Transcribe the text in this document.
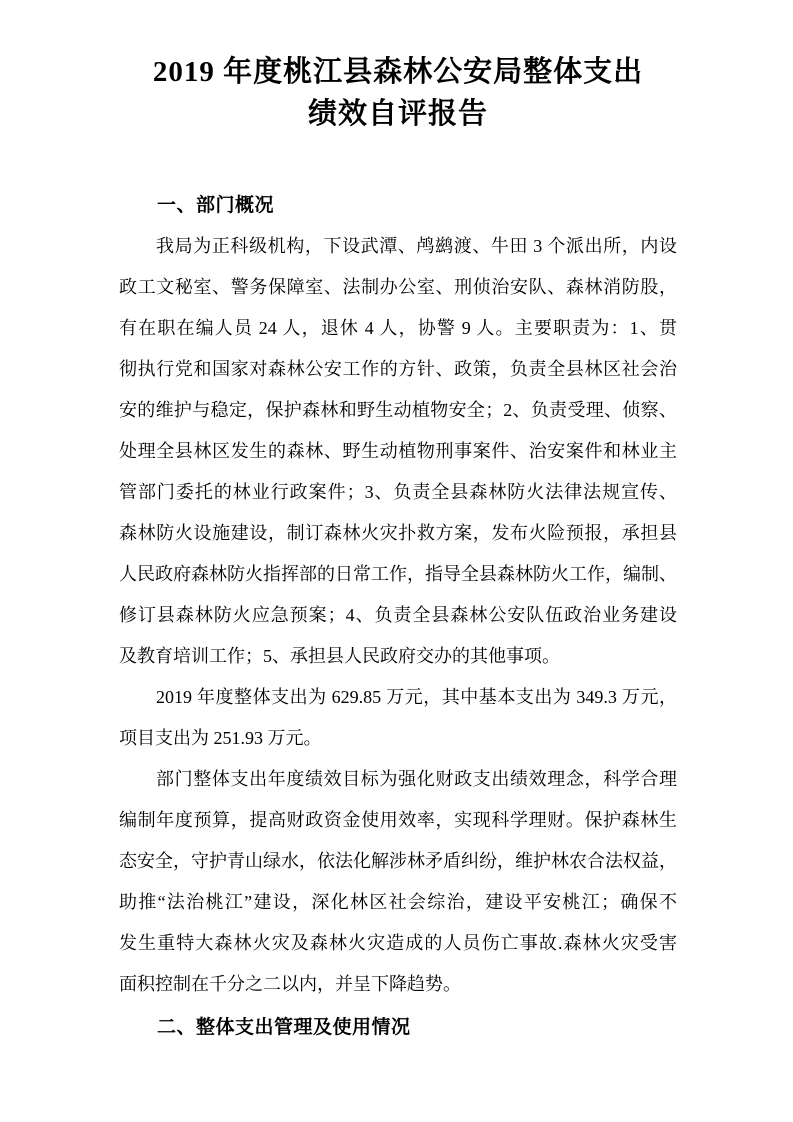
2019 年度桃江县森林公安局整体支出
绩效自评报告
一、部门概况
我局为正科级机构，下设武潭、鸬鹚渡、牛田 3 个派出所，内设
政工文秘室、警务保障室、法制办公室、刑侦治安队、森林消防股，
有在职在编人员 24 人，退休 4 人，协警 9 人。主要职责为：1、贯
彻执行党和国家对森林公安工作的方针、政策，负责全县林区社会治
安的维护与稳定，保护森林和野生动植物安全；2、负责受理、侦察、
处理全县林区发生的森林、野生动植物刑事案件、治安案件和林业主
管部门委托的林业行政案件；3、负责全县森林防火法律法规宣传、
森林防火设施建设，制订森林火灾扑救方案，发布火险预报，承担县
人民政府森林防火指挥部的日常工作，指导全县森林防火工作，编制、
修订县森林防火应急预案；4、负责全县森林公安队伍政治业务建设
及教育培训工作；5、承担县人民政府交办的其他事项。
2019 年度整体支出为 629.85 万元，其中基本支出为 349.3 万元，
项目支出为 251.93 万元。
部门整体支出年度绩效目标为强化财政支出绩效理念，科学合理
编制年度预算，提高财政资金使用效率，实现科学理财。保护森林生
态安全，守护青山绿水，依法化解涉林矛盾纠纷，维护林农合法权益，
助推“法治桃江”建设，深化林区社会综治，建设平安桃江；确保不
发生重特大森林火灾及森林火灾造成的人员伤亡事故.森林火灾受害
面积控制在千分之二以内，并呈下降趋势。
二、整体支出管理及使用情况
